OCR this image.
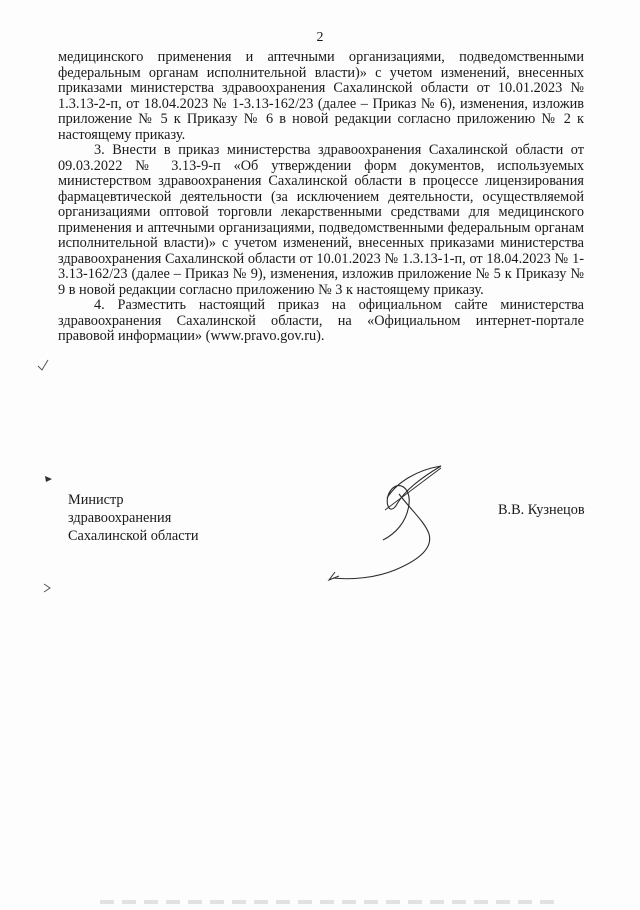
2

медицинского применения и аптечными организациями, подведомственными федеральным органам исполнительной власти)» с учетом изменений, внесенных приказами министерства здравоохранения Сахалинской области от 10.01.2023 № 1.3.13-2-п, от 18.04.2023 № 1-3.13-162/23 (далее – Приказ № 6), изменения, изложив приложение № 5 к Приказу № 6 в новой редакции согласно приложению № 2 к настоящему приказу.

3. Внести в приказ министерства здравоохранения Сахалинской области от 09.03.2022 № 3.13-9-п «Об утверждении форм документов, используемых министерством здравоохранения Сахалинской области в процессе лицензирования фармацевтической деятельности (за исключением деятельности, осуществляемой организациями оптовой торговли лекарственными средствами для медицинского применения и аптечными организациями, подведомственными федеральным органам исполнительной власти)» с учетом изменений, внесенных приказами министерства здравоохранения Сахалинской области от 10.01.2023 № 1.3.13-1-п, от 18.04.2023 № 1-3.13-162/23 (далее – Приказ № 9), изменения, изложив приложение № 5 к Приказу № 9 в новой редакции согласно приложению № 3 к настоящему приказу.

4. Разместить настоящий приказ на официальном сайте министерства здравоохранения Сахалинской области, на «Официальном интернет-портале правовой информации» (www.pravo.gov.ru).

Министр
здравоохранения
Сахалинской области
В.В. Кузнецов
